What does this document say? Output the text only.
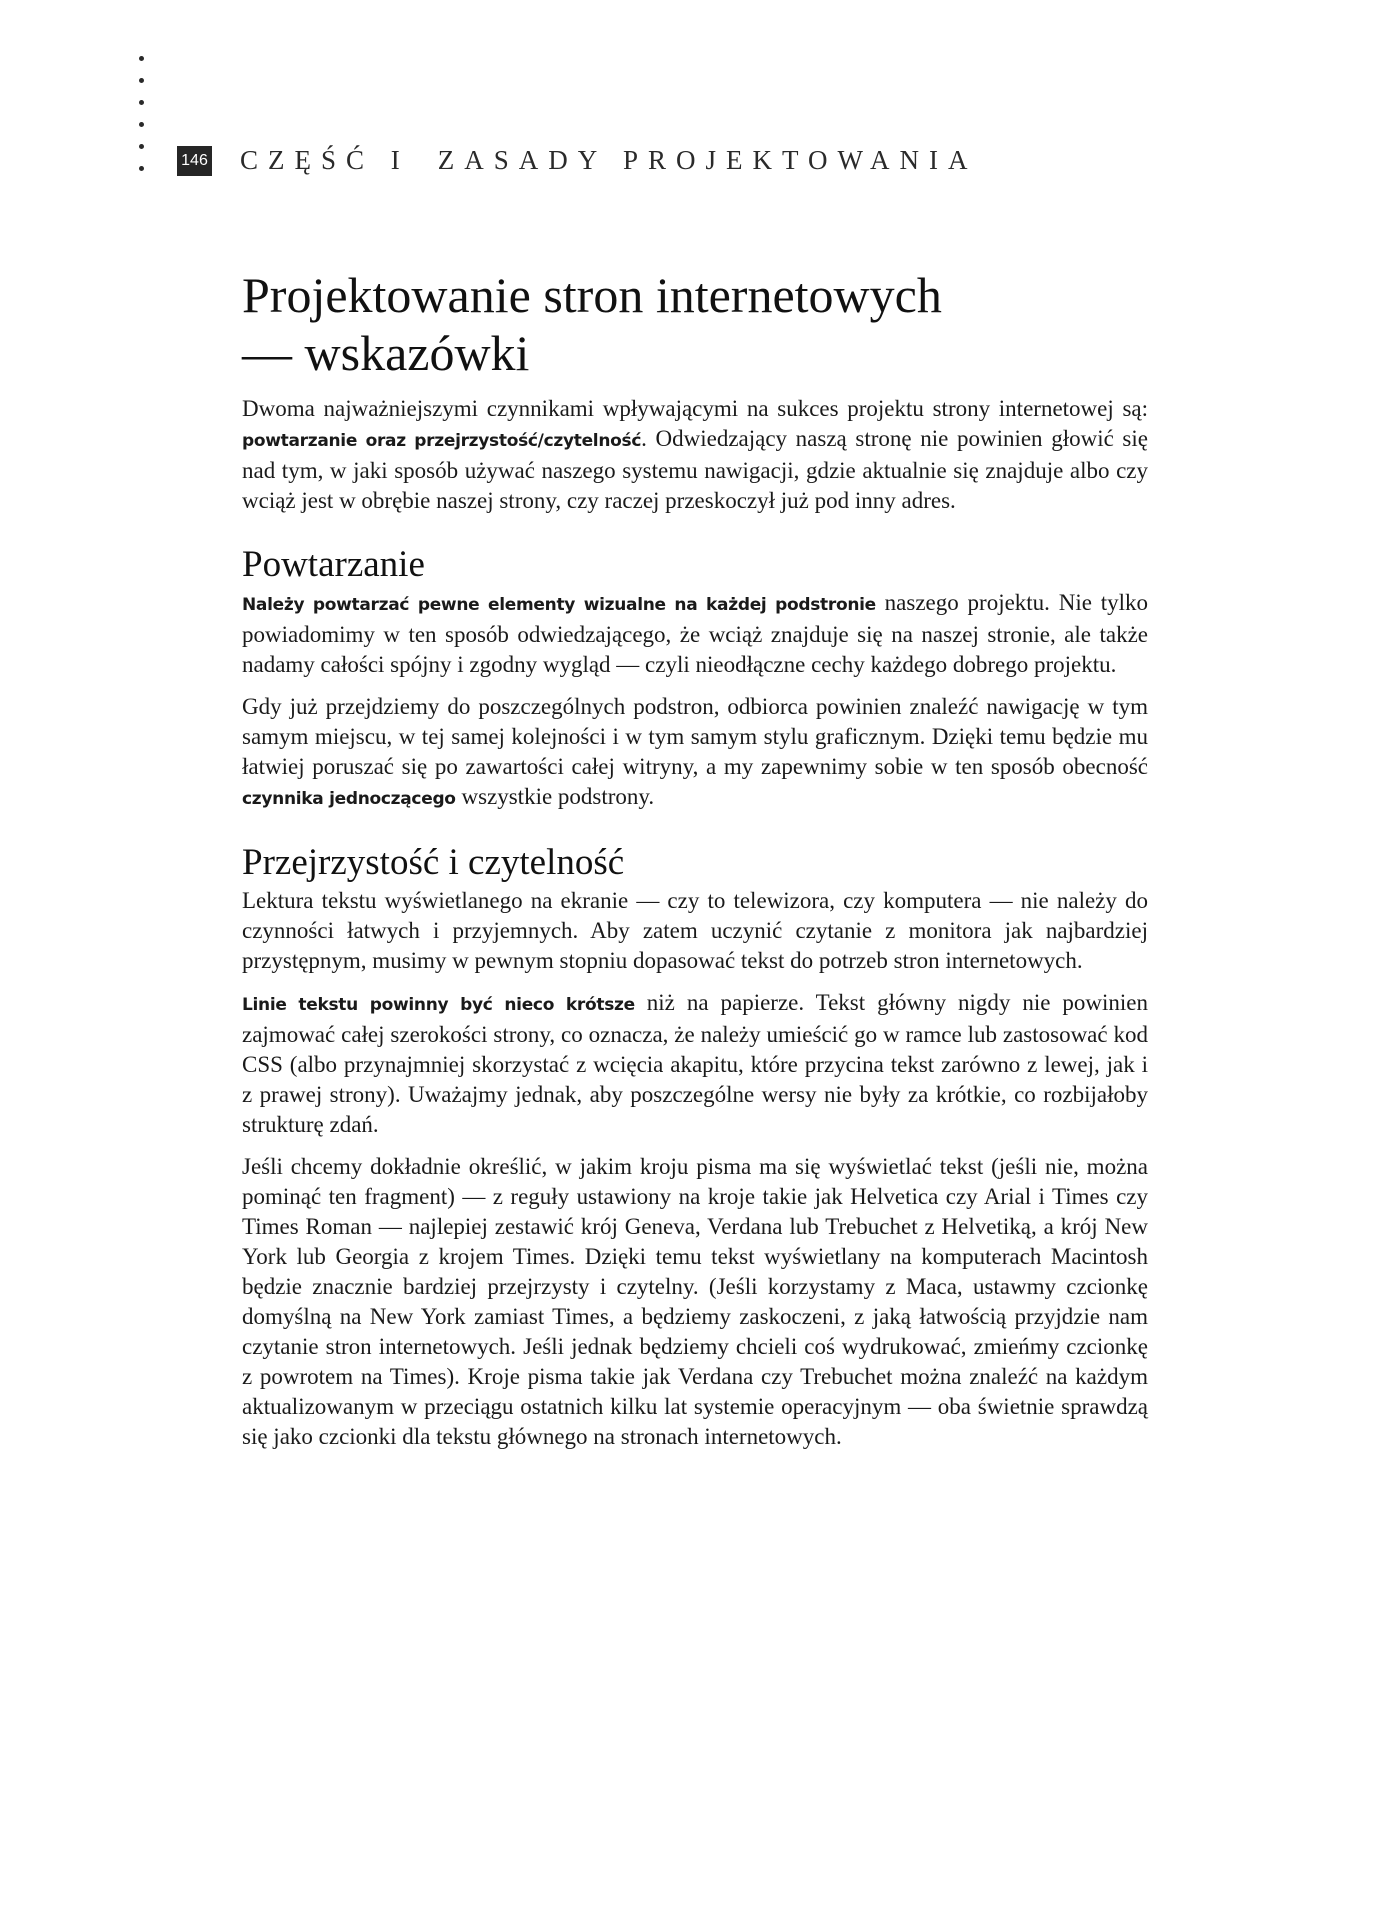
146 CZĘŚĆ I ZASADY PROJEKTOWANIA
Projektowanie stron internetowych
— wskazówki

Dwoma najważniejszymi czynnikami wpływającymi na sukces projektu strony internetowej są: powtarzanie oraz przejrzystość/czytelność. Odwiedzający naszą stronę nie powinien głowić się nad tym, w jaki sposób używać naszego systemu nawigacji, gdzie aktualnie się znajduje albo czy wciąż jest w obrębie naszej strony, czy raczej przeskoczył już pod inny adres.

Powtarzanie

Należy powtarzać pewne elementy wizualne na każdej podstronie naszego projektu. Nie tylko powiadomimy w ten sposób odwiedzającego, że wciąż znajduje się na naszej stronie, ale także nadamy całości spójny i zgodny wygląd — czyli nieodłączne cechy każdego dobrego projektu.

Gdy już przejdziemy do poszczególnych podstron, odbiorca powinien znaleźć nawigację w tym samym miejscu, w tej samej kolejności i w tym samym stylu graficznym. Dzięki temu będzie mu łatwiej poruszać się po zawartości całej witryny, a my zapewnimy sobie w ten sposób obecność czynnika jednoczącego wszystkie podstrony.

Przejrzystość i czytelność

Lektura tekstu wyświetlanego na ekranie — czy to telewizora, czy komputera — nie należy do czynności łatwych i przyjemnych. Aby zatem uczynić czytanie z monitora jak najbardziej przystępnym, musimy w pewnym stopniu dopasować tekst do potrzeb stron internetowych.

Linie tekstu powinny być nieco krótsze niż na papierze. Tekst główny nigdy nie powinien zajmować całej szerokości strony, co oznacza, że należy umieścić go w ramce lub zastosować kod CSS (albo przynajmniej skorzystać z wcięcia akapitu, które przycina tekst zarówno z lewej, jak i z prawej strony). Uważajmy jednak, aby poszczególne wersy nie były za krótkie, co rozbijałoby strukturę zdań.

Jeśli chcemy dokładnie określić, w jakim kroju pisma ma się wyświetlać tekst (jeśli nie, można pominąć ten fragment) — z reguły ustawiony na kroje takie jak Helvetica czy Arial i Times czy Times Roman — najlepiej zestawić krój Geneva, Verdana lub Trebuchet z Helvetiką, a krój New York lub Georgia z krojem Times. Dzięki temu tekst wyświetlany na komputerach Macintosh będzie znacznie bardziej przejrzysty i czytelny. (Jeśli korzystamy z Maca, ustawmy czcionkę domyślną na New York zamiast Times, a będziemy zaskoczeni, z jaką łatwością przyjdzie nam czytanie stron internetowych. Jeśli jednak będziemy chcieli coś wydrukować, zmieńmy czcionkę z powrotem na Times). Kroje pisma takie jak Verdana czy Trebuchet można znaleźć na każdym aktualizowanym w przeciągu ostatnich kilku lat systemie operacyjnym — oba świetnie sprawdzą się jako czcionki dla tekstu głównego na stronach internetowych.
